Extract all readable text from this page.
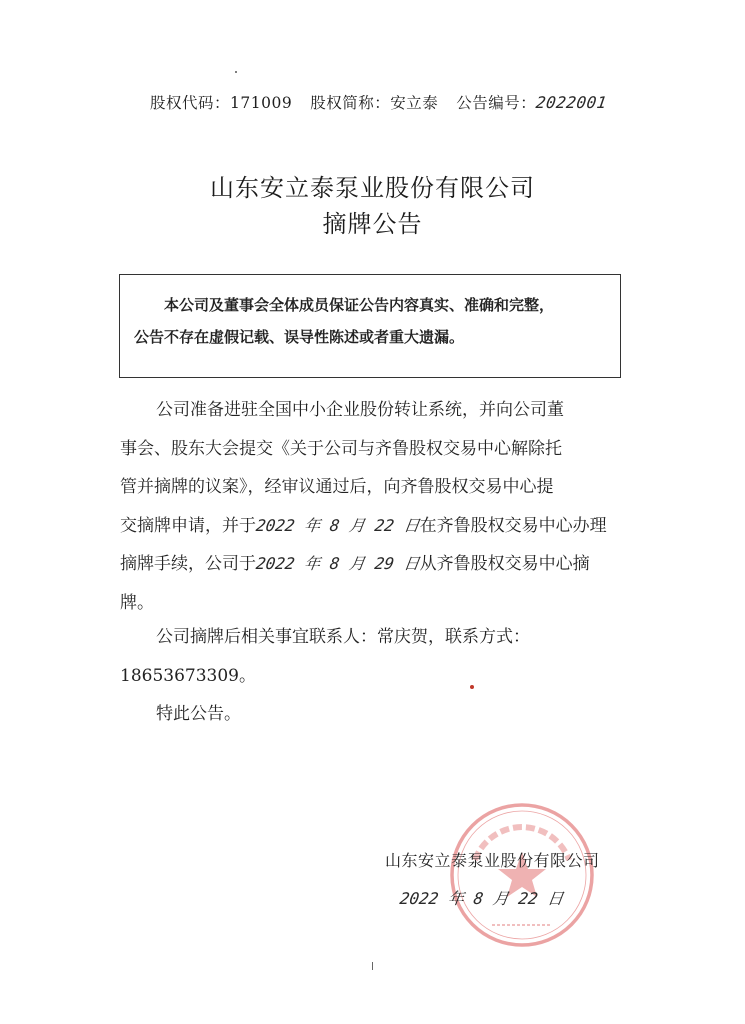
股权代码：171009 股权简称：安立泰 公告编号：2022001
山东安立泰泵业股份有限公司
摘牌公告
本公司及董事会全体成员保证公告内容真实、准确和完整，
公告不存在虚假记载、误导性陈述或者重大遗漏。
公司准备进驻全国中小企业股份转让系统，并向公司董
事会、股东大会提交《关于公司与齐鲁股权交易中心解除托
管并摘牌的议案》，经审议通过后，向齐鲁股权交易中心提
交摘牌申请，并于2022 年 8 月 22 日在齐鲁股权交易中心办理
摘牌手续，公司于2022 年 8 月 29 日从齐鲁股权交易中心摘
牌。
公司摘牌后相关事宜联系人：常庆贺，联系方式：
18653673309。
特此公告。
山东安立泰泵业股份有限公司
2022 年 8 月 22 日
